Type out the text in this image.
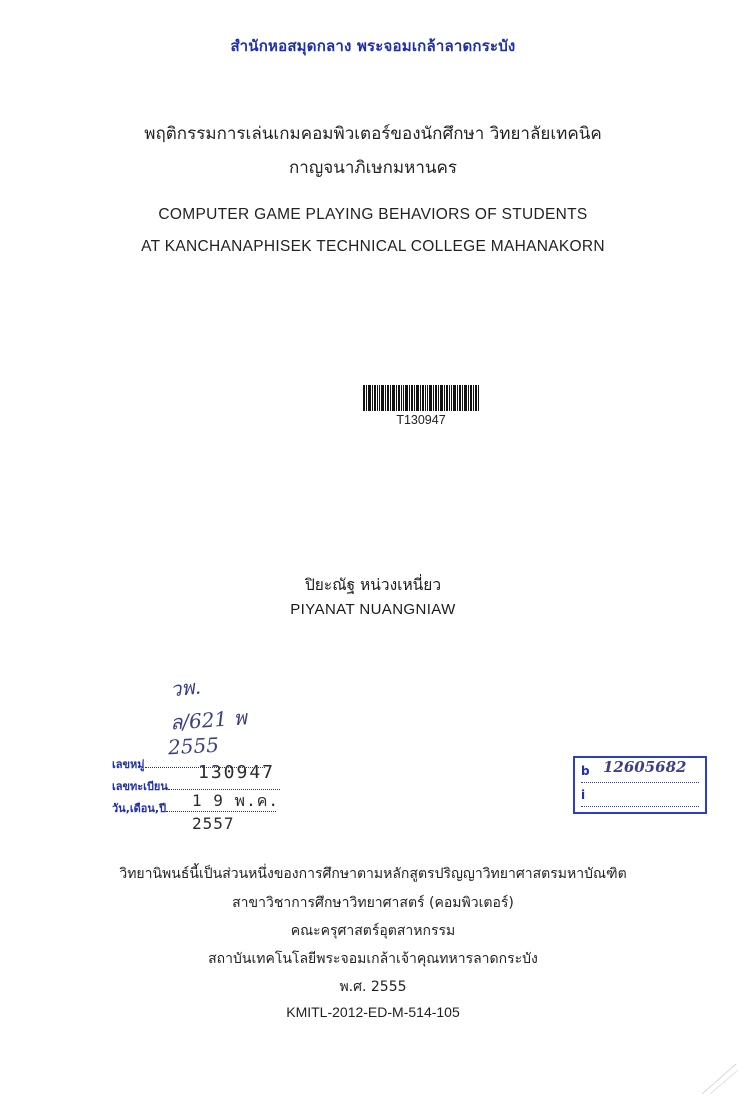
สำนักหอสมุดกลาง พระจอมเกล้าลาดกระบัง
พฤติกรรมการเล่นเกมคอมพิวเตอร์ของนักศึกษา วิทยาลัยเทคนิค
กาญจนาภิเษกมหานคร
COMPUTER GAME PLAYING BEHAVIORS OF STUDENTS
AT KANCHANAPHISEK TECHNICAL COLLEGE MAHANAKORN
T130947
ปิยะณัฐ หน่วงเหนี่ยว
PIYANAT NUANGNIAW
วพ.
ล/621 พ
2555
เลขหมู่
เลขทะเบียน
130947
วัน,เดือน,ปี	1 9 พ.ค. 2557
b 12605682
i
วิทยานิพนธ์นี้เป็นส่วนหนึ่งของการศึกษาตามหลักสูตรปริญญาวิทยาศาสตรมหาบัณฑิต
สาขาวิชาการศึกษาวิทยาศาสตร์ (คอมพิวเตอร์)
คณะครุศาสตร์อุตสาหกรรม
สถาบันเทคโนโลยีพระจอมเกล้าเจ้าคุณทหารลาดกระบัง
พ.ศ. 2555
KMITL-2012-ED-M-514-105
